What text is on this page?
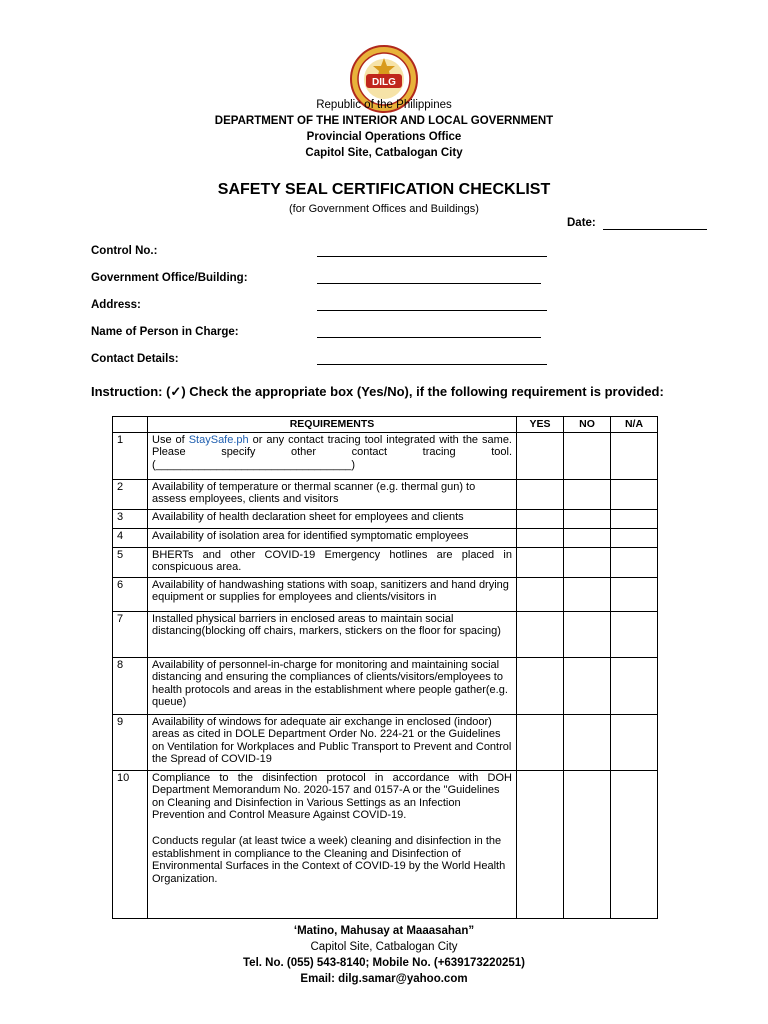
DILG
Republic of the Philippines
DEPARTMENT OF THE INTERIOR AND LOCAL GOVERNMENT
Provincial Operations Office
Capitol Site, Catbalogan City
SAFETY SEAL CERTIFICATION CHECKLIST
(for Government Offices and Buildings)
Date:
Control No.:
Government Office/Building:
Address:
Name of Person in Charge:
Contact Details:
Instruction: (✓) Check the appropriate box (Yes/No), if the following requirement is provided:
	REQUIREMENTS	YES	NO	N/A
1	Use of StaySafe.ph or any contact tracing tool integrated with the same. Please specify other contact tracing tool. (________________________________)			
2	Availability of temperature or thermal scanner (e.g. thermal gun) to assess employees, clients and visitors			
3	Availability of health declaration sheet for employees and clients			
4	Availability of isolation area for identified symptomatic employees			
5	BHERTs and other COVID-19 Emergency hotlines are placed in conspicuous area.			
6	Availability of handwashing stations with soap, sanitizers and hand drying equipment or supplies for employees and clients/visitors in			
7	Installed physical barriers in enclosed areas to maintain social distancing(blocking off chairs, markers, stickers on the floor for spacing)			
8	Availability of personnel-in-charge for monitoring and maintaining social distancing and ensuring the compliances of clients/visitors/employees to health protocols and areas in the establishment where people gather(e.g. queue)			
9	Availability of windows for adequate air exchange in enclosed (indoor) areas as cited in DOLE Department Order No. 224-21 or the Guidelines on Ventilation for Workplaces and Public Transport to Prevent and Control the Spread of COVID-19			
10	Compliance to the disinfection protocol in accordance with DOH Department Memorandum No. 2020-157 and 0157-A or the "Guidelines
on Cleaning and Disinfection in Various Settings as an Infection Prevention and Control Measure Against COVID-19.
Conducts regular (at least twice a week) cleaning and disinfection in the establishment in compliance to the Cleaning and Disinfection of
Environmental Surfaces in the Context of COVID-19 by the World Health Organization.			

‘Matino, Mahusay at Maaasahan”
Capitol Site, Catbalogan City
Tel. No. (055) 543-8140; Mobile No. (+639173220251)
Email: dilg.samar@yahoo.com
